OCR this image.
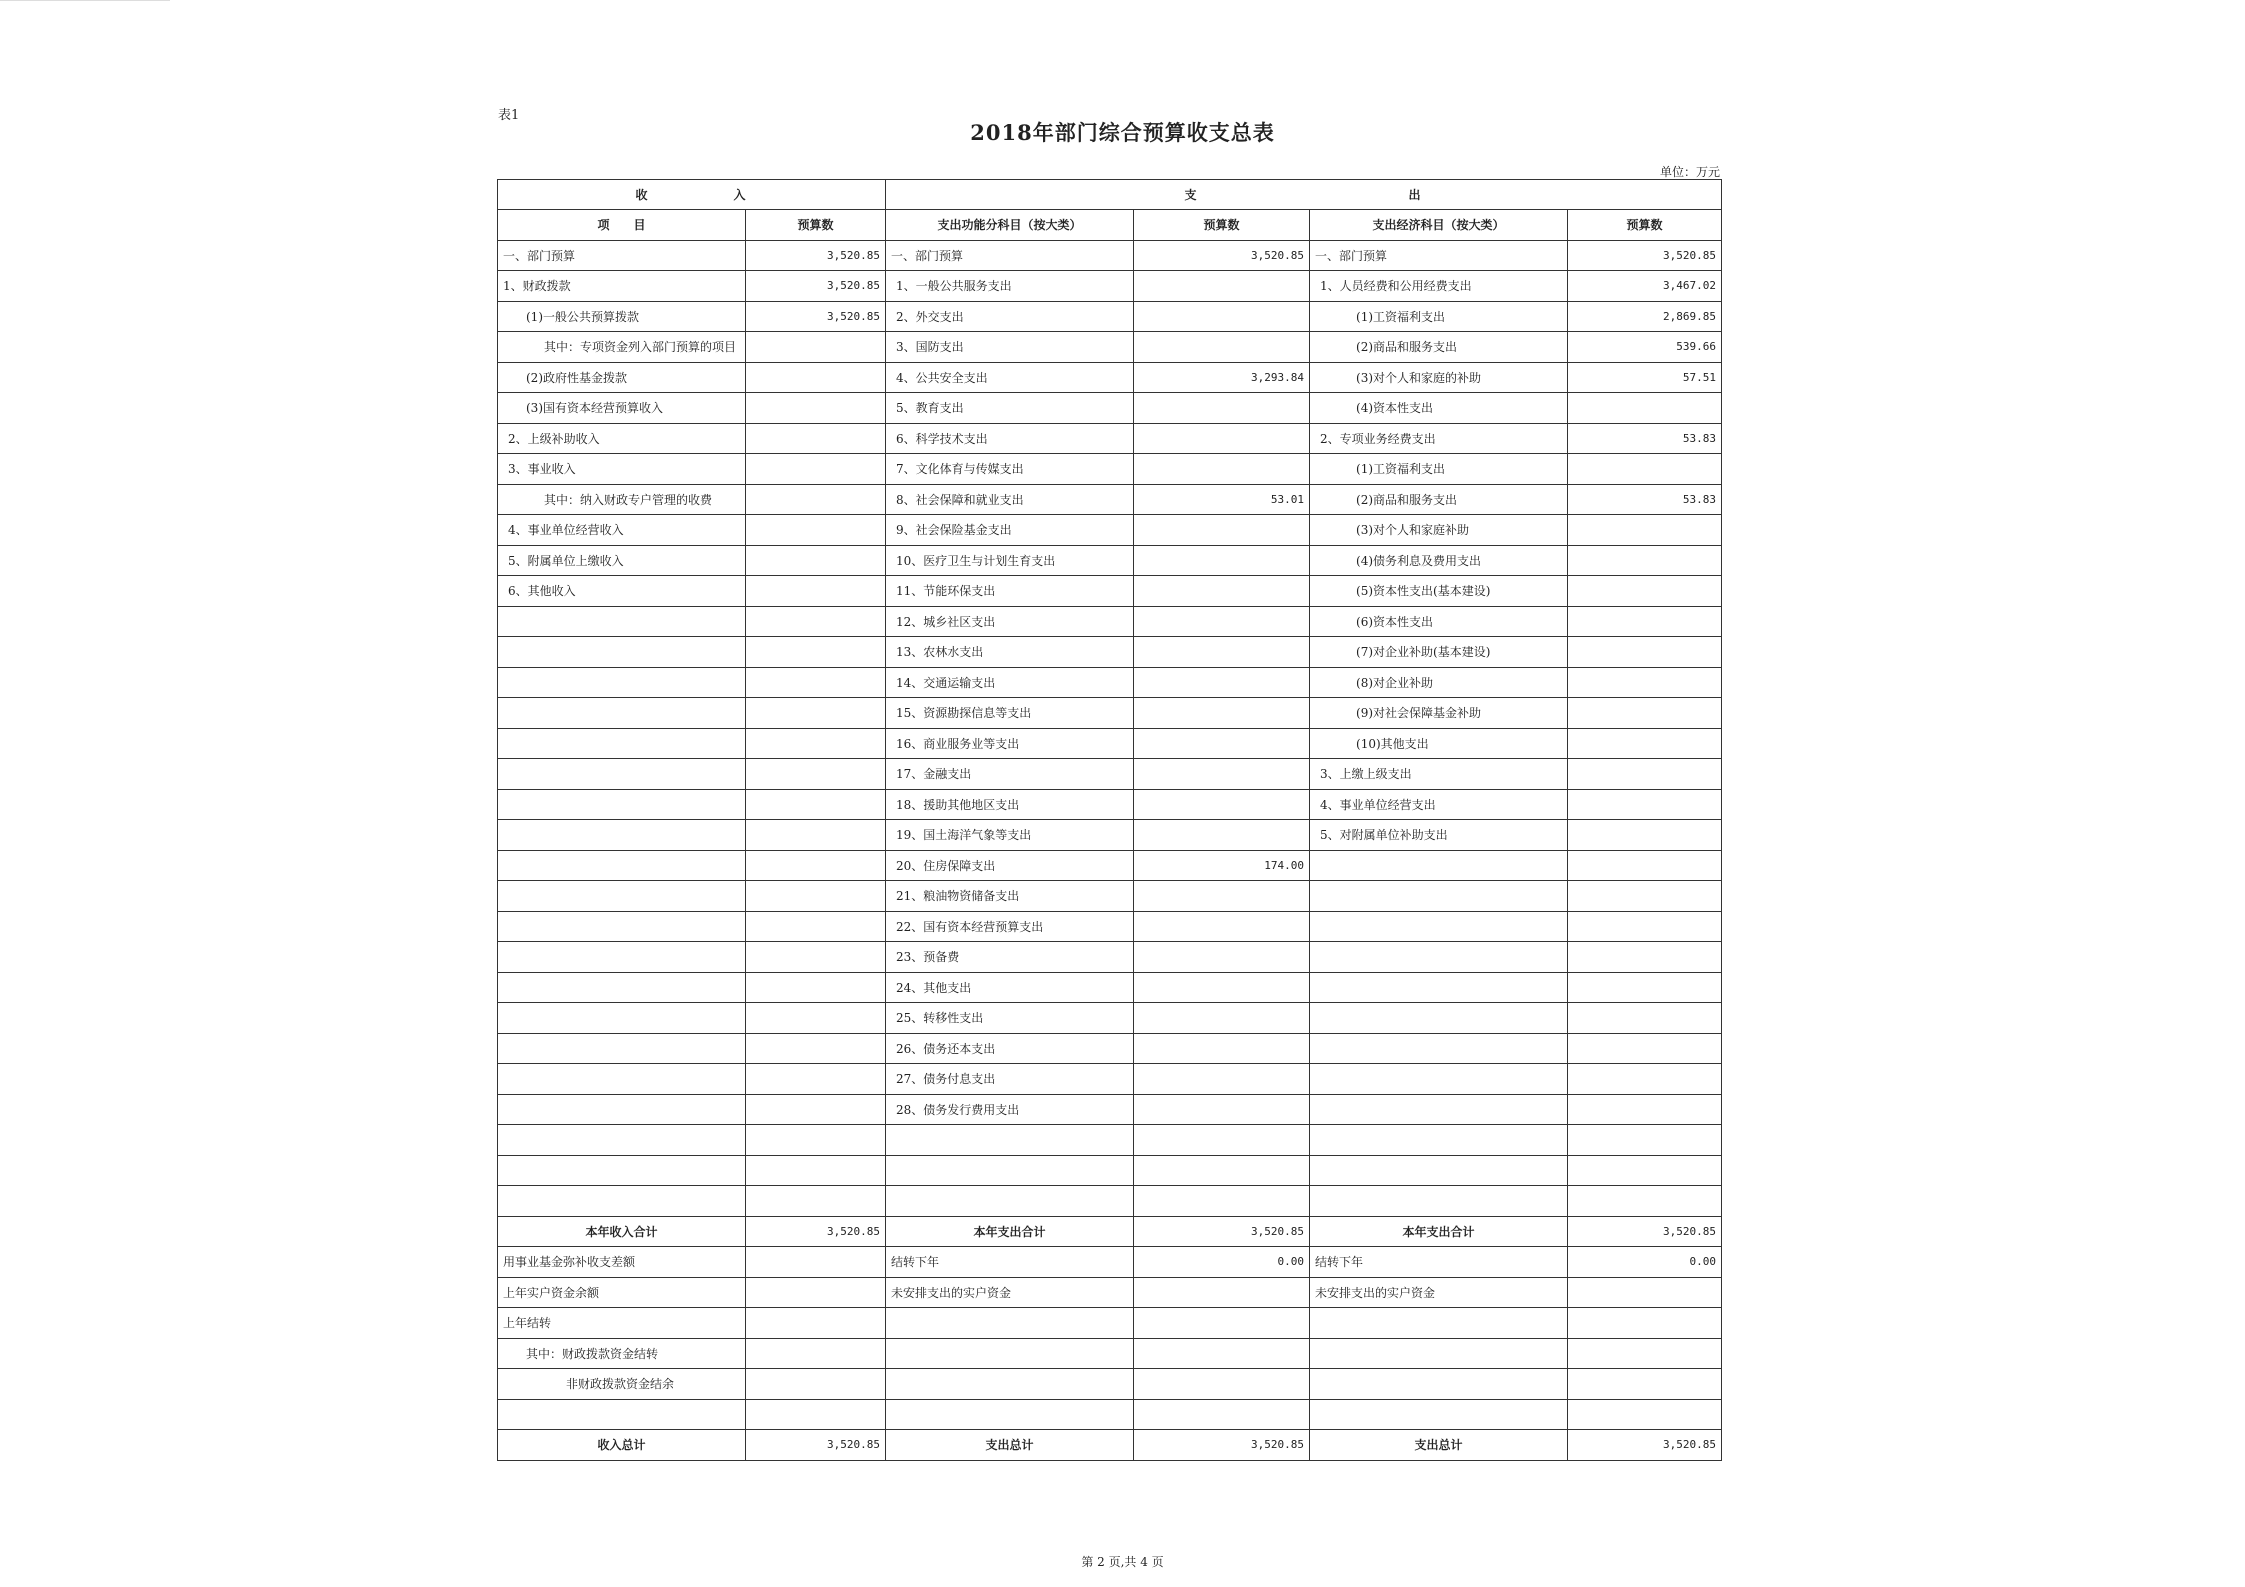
表1
2018年部门综合预算收支总表
单位：万元
收　　　　　　入		支　　　　　　　　　　　　　　　出			
项　　目	预算数	支出功能分科目（按大类）	预算数	支出经济科目（按大类）	预算数
一、部门预算	3,520.85	一、部门预算	3,520.85	一、部门预算	3,520.85
1、财政拨款	3,520.85	1、一般公共服务支出		1、人员经费和公用经费支出	3,467.02
(1)一般公共预算拨款	3,520.85	2、外交支出		(1)工资福利支出	2,869.85
其中：专项资金列入部门预算的项目		3、国防支出		(2)商品和服务支出	539.66
(2)政府性基金拨款		4、公共安全支出	3,293.84	(3)对个人和家庭的补助	57.51
(3)国有资本经营预算收入		5、教育支出		(4)资本性支出	
2、上级补助收入		6、科学技术支出		2、专项业务经费支出	53.83
3、事业收入		7、文化体育与传媒支出		(1)工资福利支出	
其中：纳入财政专户管理的收费		8、社会保障和就业支出	53.01	(2)商品和服务支出	53.83
4、事业单位经营收入		9、社会保险基金支出		(3)对个人和家庭补助	
5、附属单位上缴收入		10、医疗卫生与计划生育支出		(4)债务利息及费用支出	
6、其他收入		11、节能环保支出		(5)资本性支出(基本建设)	
		12、城乡社区支出		(6)资本性支出	
		13、农林水支出		(7)对企业补助(基本建设)	
		14、交通运输支出		(8)对企业补助	
		15、资源勘探信息等支出		(9)对社会保障基金补助	
		16、商业服务业等支出		(10)其他支出	
		17、金融支出		3、上缴上级支出	
		18、援助其他地区支出		4、事业单位经营支出	
		19、国土海洋气象等支出		5、对附属单位补助支出	
		20、住房保障支出	174.00		
		21、粮油物资储备支出			
		22、国有资本经营预算支出			
		23、预备费			
		24、其他支出			
		25、转移性支出			
		26、债务还本支出			
		27、债务付息支出			
		28、债务发行费用支出			

本年收入合计	3,520.85	本年支出合计	3,520.85	本年支出合计	3,520.85
用事业基金弥补收支差额		结转下年	0.00	结转下年	0.00
上年实户资金余额		未安排支出的实户资金		未安排支出的实户资金	
上年结转					
其中：财政拨款资金结转					
非财政拨款资金结余					

收入总计	3,520.85	支出总计	3,520.85	支出总计	3,520.85
第 2 页,共 4 页
